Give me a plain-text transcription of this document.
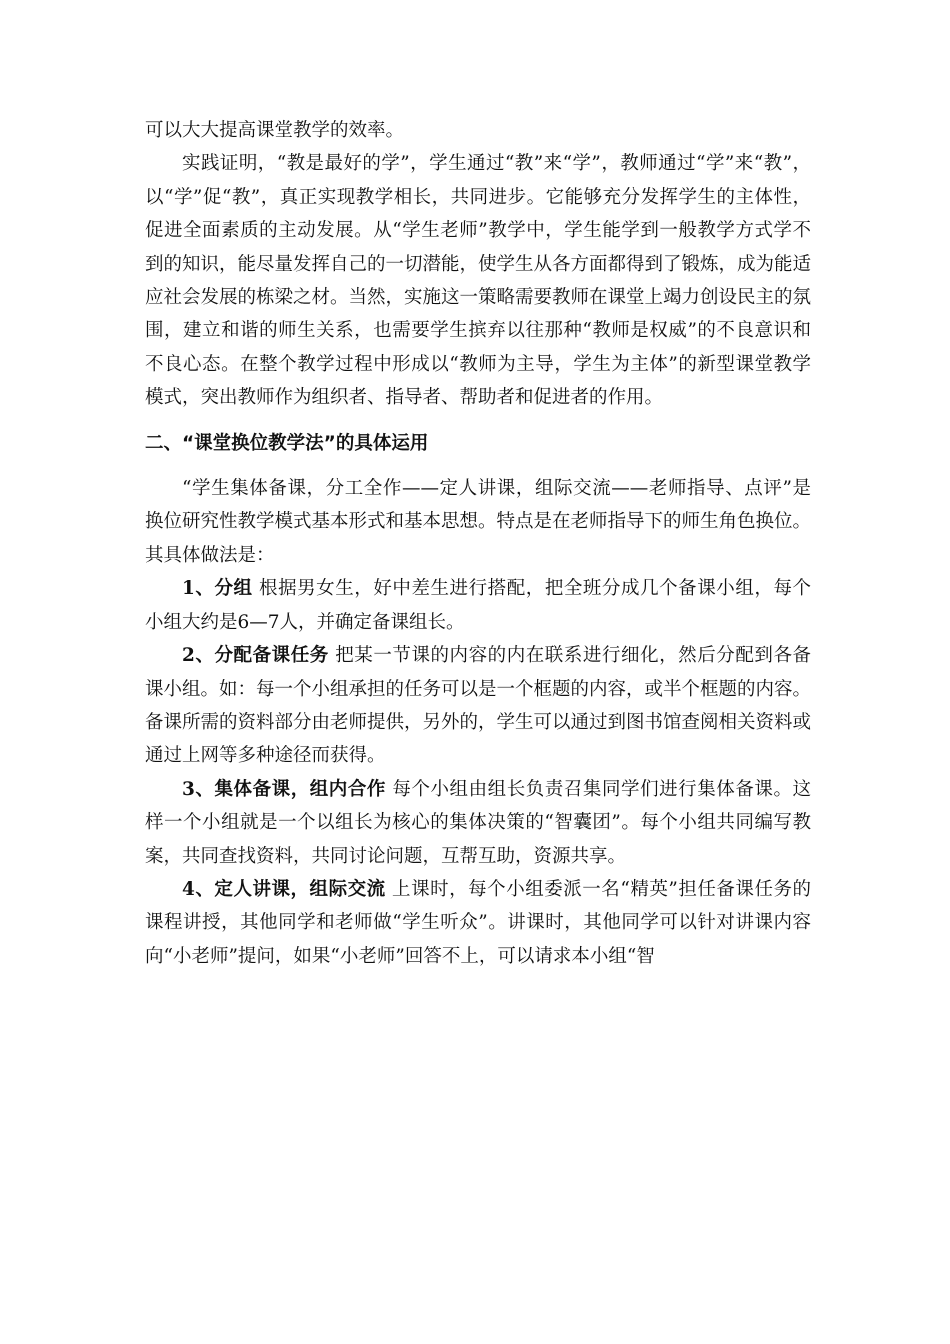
可以大大提高课堂教学的效率。

实践证明，“教是最好的学”，学生通过“教”来“学”，教师通过“学”来“教”，以“学”促“教”，真正实现教学相长，共同进步。它能够充分发挥学生的主体性，促进全面素质的主动发展。从“学生老师”教学中，学生能学到一般教学方式学不到的知识，能尽量发挥自己的一切潜能，使学生从各方面都得到了锻炼，成为能适应社会发展的栋梁之材。当然，实施这一策略需要教师在课堂上竭力创设民主的氛围，建立和谐的师生关系，也需要学生摈弃以往那种“教师是权威”的不良意识和不良心态。在整个教学过程中形成以“教师为主导，学生为主体”的新型课堂教学模式，突出教师作为组织者、指导者、帮助者和促进者的作用。

二、“课堂换位教学法”的具体运用

“学生集体备课，分工全作——定人讲课，组际交流——老师指导、点评”是换位研究性教学模式基本形式和基本思想。特点是在老师指导下的师生角色换位。其具体做法是：

1、分组 根据男女生，好中差生进行搭配，把全班分成几个备课小组，每个小组大约是6—7人，并确定备课组长。

2、分配备课任务 把某一节课的内容的内在联系进行细化，然后分配到各备课小组。如：每一个小组承担的任务可以是一个框题的内容，或半个框题的内容。备课所需的资料部分由老师提供，另外的，学生可以通过到图书馆查阅相关资料或通过上网等多种途径而获得。

3、集体备课，组内合作 每个小组由组长负责召集同学们进行集体备课。这样一个小组就是一个以组长为核心的集体决策的“智囊团”。每个小组共同编写教案，共同查找资料，共同讨论问题，互帮互助，资源共享。

4、定人讲课，组际交流 上课时，每个小组委派一名“精英”担任备课任务的课程讲授，其他同学和老师做“学生听众”。讲课时，其他同学可以针对讲课内容向“小老师”提问，如果“小老师”回答不上，可以请求本小组“智
